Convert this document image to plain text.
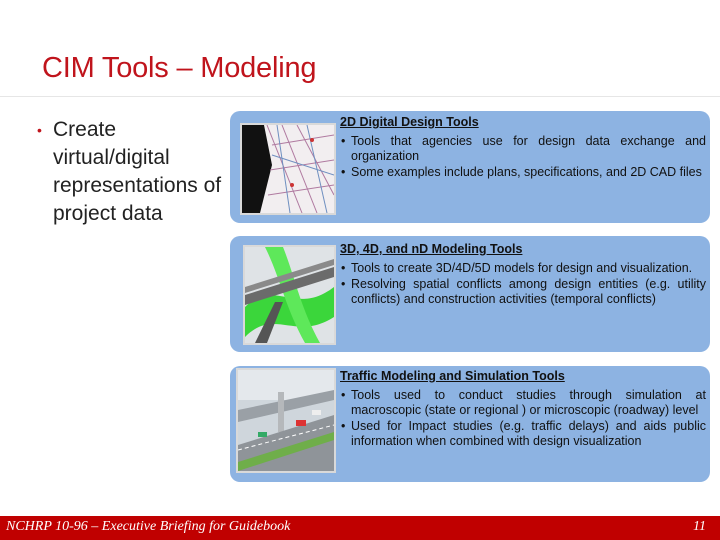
CIM Tools – Modeling
• Create virtual/digital representations of project data
2D Digital Design Tools
• Tools that agencies use for design data exchange and organization
• Some examples include plans, specifications, and 2D CAD files
3D, 4D, and nD Modeling Tools
• Tools to create 3D/4D/5D models for design and visualization.
• Resolving spatial conflicts among design entities (e.g. utility conflicts) and construction activities (temporal conflicts)
Traffic Modeling and Simulation Tools
• Tools used to conduct studies through simulation at macroscopic (state or regional ) or microscopic (roadway) level
• Used for Impact studies (e.g. traffic delays) and aids public information when combined with design visualization
NCHRP 10-96 – Executive Briefing for Guidebook	11
